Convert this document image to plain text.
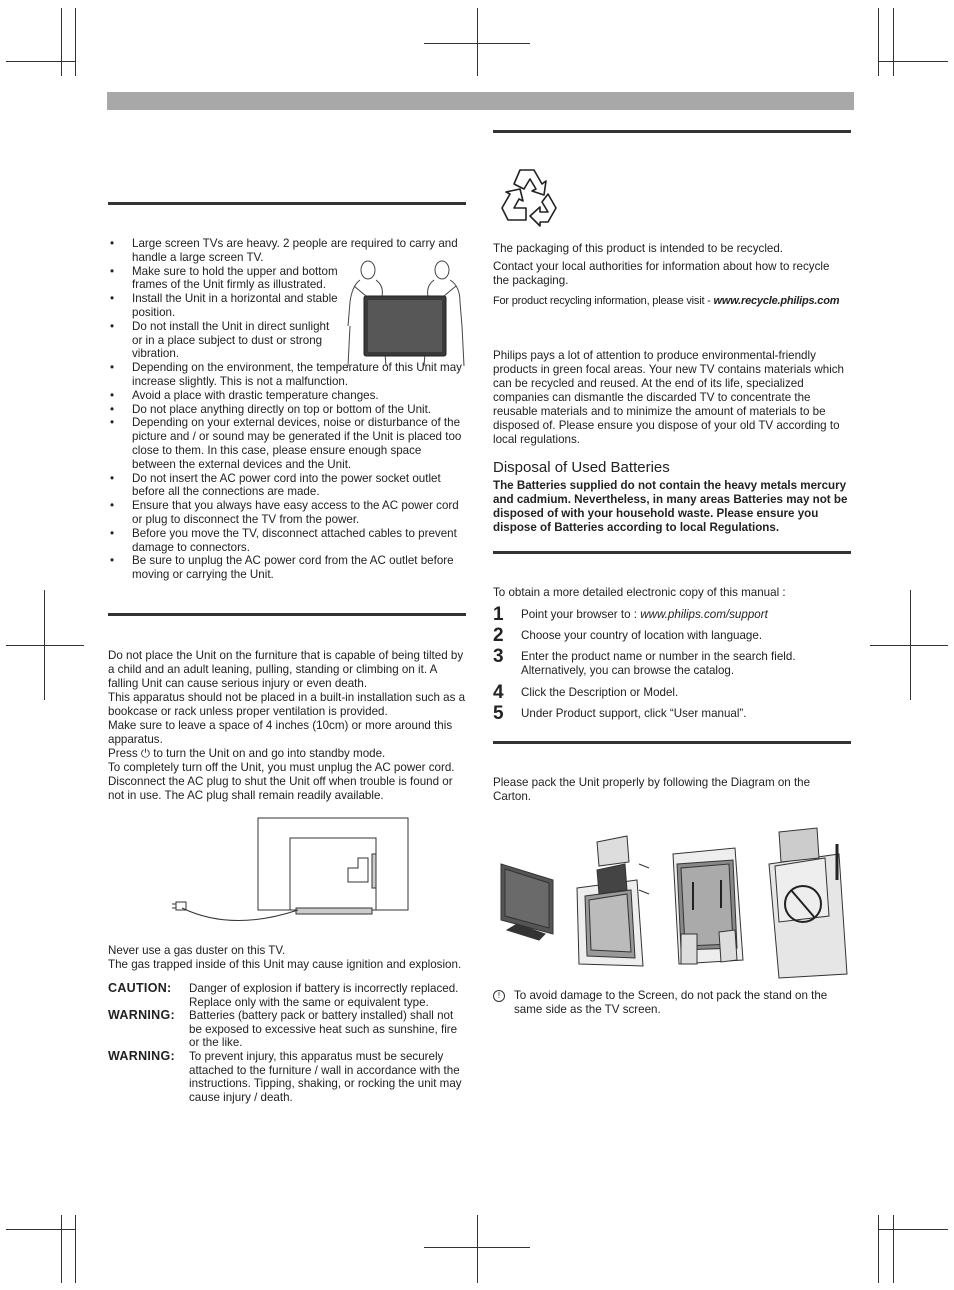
• Large screen TVs are heavy. 2 people are required to carry and handle a large screen TV.
• Make sure to hold the upper and bottom frames of the Unit firmly as illustrated.
• Install the Unit in a horizontal and stable position.
• Do not install the Unit in direct sunlight or in a place subject to dust or strong vibration.
• Depending on the environment, the temperature of this Unit may increase slightly. This is not a malfunction.
• Avoid a place with drastic temperature changes.
• Do not place anything directly on top or bottom of the Unit.
• Depending on your external devices, noise or disturbance of the picture and / or sound may be generated if the Unit is placed too close to them. In this case, please ensure enough space between the external devices and the Unit.
• Do not insert the AC power cord into the power socket outlet before all the connections are made.
• Ensure that you always have easy access to the AC power cord or plug to disconnect the TV from the power.
• Before you move the TV, disconnect attached cables to prevent damage to connectors.
• Be sure to unplug the AC power cord from the AC outlet before moving or carrying the Unit.
Do not place the Unit on the furniture that is capable of being tilted by a child and an adult leaning, pulling, standing or climbing on it. A falling Unit can cause serious injury or even death.
This apparatus should not be placed in a built-in installation such as a bookcase or rack unless proper ventilation is provided.
Make sure to leave a space of 4 inches (10cm) or more around this apparatus.
Press ⏻ to turn the Unit on and go into standby mode.
To completely turn off the Unit, you must unplug the AC power cord.
Disconnect the AC plug to shut the Unit off when trouble is found or not in use. The AC plug shall remain readily available.
Never use a gas duster on this TV.
The gas trapped inside of this Unit may cause ignition and explosion.
CAUTION: Danger of explosion if battery is incorrectly replaced. Replace only with the same or equivalent type.
WARNING: Batteries (battery pack or battery installed) shall not be exposed to excessive heat such as sunshine, fire or the like.
WARNING: To prevent injury, this apparatus must be securely attached to the furniture / wall in accordance with the instructions. Tipping, shaking, or rocking the unit may cause injury / death.
The packaging of this product is intended to be recycled.
Contact your local authorities for information about how to recycle the packaging.
For product recycling information, please visit - www.recycle.philips.com
Philips pays a lot of attention to produce environmental-friendly products in green focal areas. Your new TV contains materials which can be recycled and reused. At the end of its life, specialized companies can dismantle the discarded TV to concentrate the reusable materials and to minimize the amount of materials to be disposed of. Please ensure you dispose of your old TV according to local regulations.
Disposal of Used Batteries
The Batteries supplied do not contain the heavy metals mercury and cadmium. Nevertheless, in many areas Batteries may not be disposed of with your household waste. Please ensure you dispose of Batteries according to local Regulations.
To obtain a more detailed electronic copy of this manual :
1 Point your browser to : www.philips.com/support
2 Choose your country of location with language.
3 Enter the product name or number in the search field. Alternatively, you can browse the catalog.
4 Click the Description or Model.
5 Under Product support, click “User manual”.
Please pack the Unit properly by following the Diagram on the Carton.
!	To avoid damage to the Screen, do not pack the stand on the same side as the TV screen.
